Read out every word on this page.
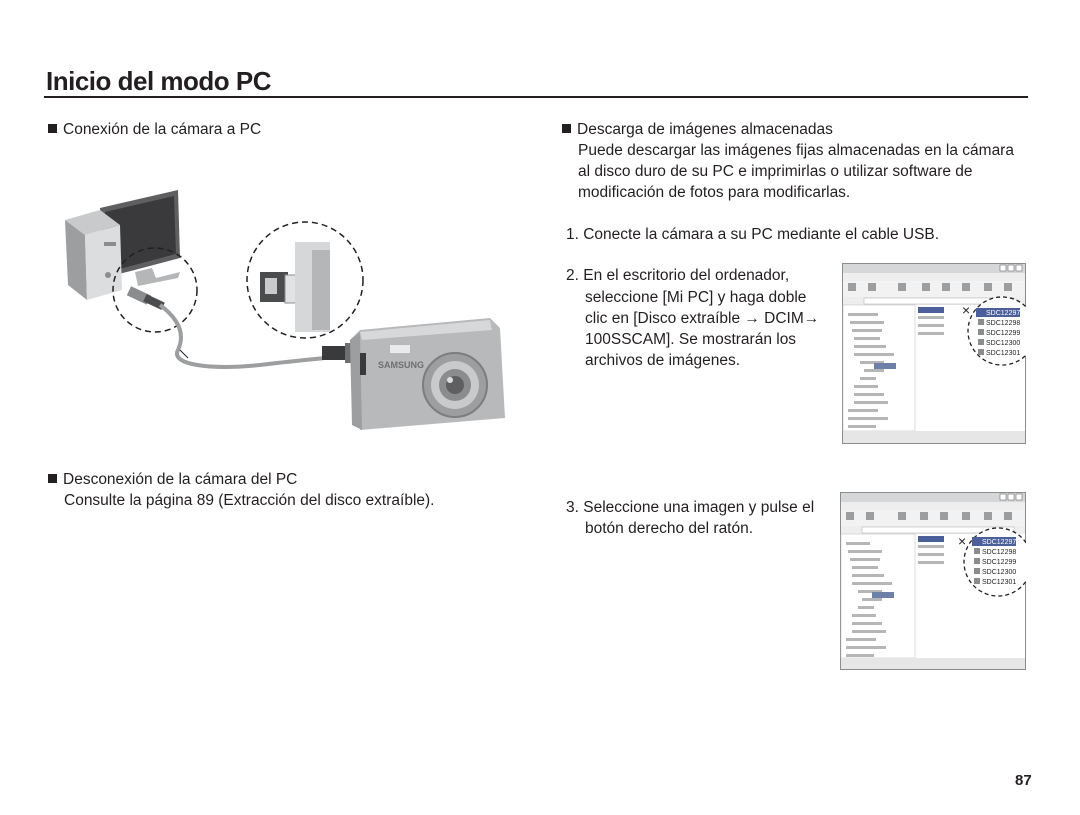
Inicio del modo PC
Conexión de la cámara a PC
SAMSUNG
Desconexión de la cámara del PC
Consulte la página 89 (Extracción del disco extraíble).
Descarga de imágenes almacenadas
Puede descargar las imágenes fijas almacenadas en la cámara
al disco duro de su PC e imprimirlas o utilizar software de
modificación de fotos para modificarlas.
1. Conecte la cámara a su PC mediante el cable USB.
2. En el escritorio del ordenador,
seleccione [Mi PC] y haga doble
clic en [Disco extraíble → DCIM→
100SSCAM]. Se mostrarán los
archivos de imágenes.
3. Seleccione una imagen y pulse el
botón derecho del ratón.
× SDC12297
SDC12298
SDC12299
SDC12300
SDC12301
× SDC12297
SDC12298
SDC12299
SDC12300
SDC12301
87
